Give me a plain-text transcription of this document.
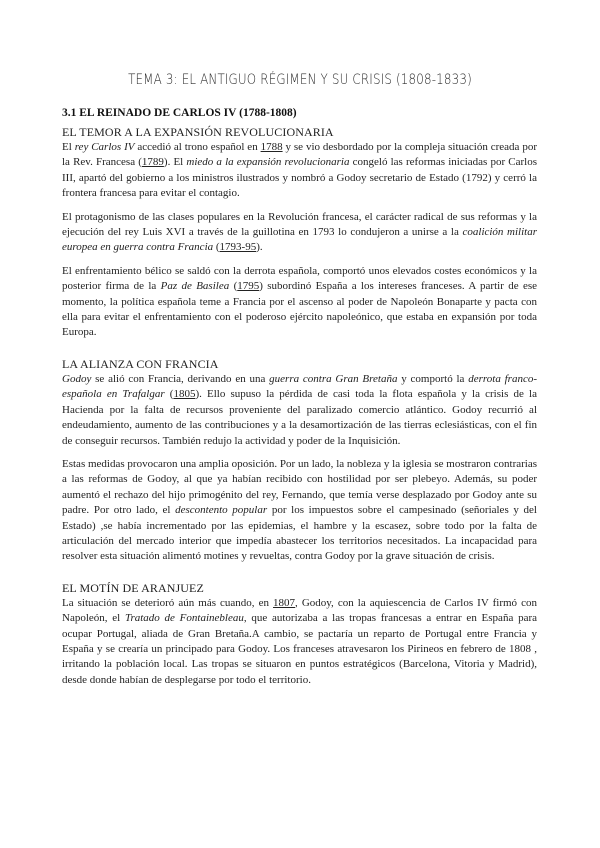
TEMA 3: EL ANTIGUO RÉGIMEN Y SU CRISIS (1808-1833)
3.1 EL REINADO DE CARLOS IV (1788-1808)
EL TEMOR A LA EXPANSIÓN REVOLUCIONARIA

El rey Carlos IV accedió al trono español en 1788 y se vio desbordado por la compleja situación creada por la Rev. Francesa (1789). El miedo a la expansión revolucionaria congeló las reformas iniciadas por Carlos III, apartó del gobierno a los ministros ilustrados y nombró a Godoy secretario de Estado (1792) y cerró la frontera francesa para evitar el contagio.

El protagonismo de las clases populares en la Revolución francesa, el carácter radical de sus reformas y la ejecución del rey Luis XVI a través de la guillotina en 1793 lo condujeron a unirse a la coalición militar europea en guerra contra Francia (1793-95).

El enfrentamiento bélico se saldó con la derrota española, comportó unos elevados costes económicos y la posterior firma de la Paz de Basilea (1795) subordinó España a los intereses franceses. A partir de ese momento, la política española teme a Francia por el ascenso al poder de Napoleón Bonaparte y pacta con ella para evitar el enfrentamiento con el poderoso ejército napoleónico, que estaba en expansión por toda Europa.

LA ALIANZA CON FRANCIA

Godoy se alió con Francia, derivando en una guerra contra Gran Bretaña y comportó la derrota franco-española en Trafalgar (1805). Ello supuso la pérdida de casi toda la flota española y la crisis de la Hacienda por la falta de recursos proveniente del paralizado comercio atlántico. Godoy recurrió al endeudamiento, aumento de las contribuciones y a la desamortización de las tierras eclesiásticas, con el fin de conseguir recursos. También redujo la actividad y poder de la Inquisición.

Estas medidas provocaron una amplia oposición. Por un lado, la nobleza y la iglesia se mostraron contrarias a las reformas de Godoy, al que ya habían recibido con hostilidad por ser plebeyo. Además, su poder aumentó el rechazo del hijo primogénito del rey, Fernando, que temía verse desplazado por Godoy ante su padre. Por otro lado, el descontento popular por los impuestos sobre el campesinado (señoriales y del Estado) ,se había incrementado por las epidemias, el hambre y la escasez, sobre todo por la falta de articulación del mercado interior que impedía abastecer los territorios necesitados. La incapacidad para resolver esta situación alimentó motines y revueltas, contra Godoy por la grave situación de crisis.

EL MOTÍN DE ARANJUEZ

La situación se deterioró aún más cuando, en 1807, Godoy, con la aquiescencia de Carlos IV firmó con Napoleón, el Tratado de Fontainebleau, que autorizaba a las tropas francesas a entrar en España para ocupar Portugal, aliada de Gran Bretaña.A cambio, se pactaría un reparto de Portugal entre Francia y España y se crearía un principado para Godoy. Los franceses atravesaron los Pirineos en febrero de 1808 , irritando la población local. Las tropas se situaron en puntos estratégicos (Barcelona, Vitoria y Madrid), desde donde habían de desplegarse por todo el territorio.
